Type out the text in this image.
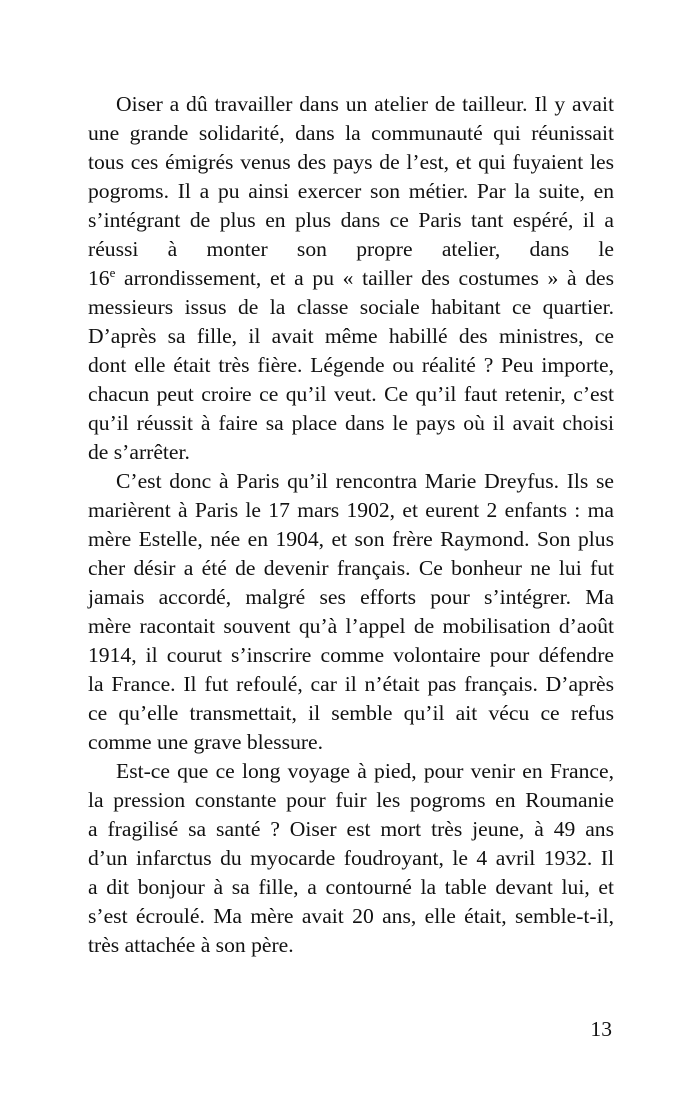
Oiser a dû travailler dans un atelier de tailleur. Il y avait
une grande solidarité, dans la communauté qui réunissait
tous ces émigrés venus des pays de l’est, et qui fuyaient les
pogroms. Il a pu ainsi exercer son métier. Par la suite, en
s’intégrant de plus en plus dans ce Paris tant espéré, il a
réussi à monter son propre atelier, dans le
16e arrondissement, et a pu « tailler des costumes » à des
messieurs issus de la classe sociale habitant ce quartier.
D’après sa fille, il avait même habillé des ministres, ce
dont elle était très fière. Légende ou réalité ? Peu importe,
chacun peut croire ce qu’il veut. Ce qu’il faut retenir, c’est
qu’il réussit à faire sa place dans le pays où il avait choisi
de s’arrêter.

C’est donc à Paris qu’il rencontra Marie Dreyfus. Ils se
marièrent à Paris le 17 mars 1902, et eurent 2 enfants : ma
mère Estelle, née en 1904, et son frère Raymond. Son plus
cher désir a été de devenir français. Ce bonheur ne lui fut
jamais accordé, malgré ses efforts pour s’intégrer. Ma
mère racontait souvent qu’à l’appel de mobilisation d’août
1914, il courut s’inscrire comme volontaire pour défendre
la France. Il fut refoulé, car il n’était pas français. D’après
ce qu’elle transmettait, il semble qu’il ait vécu ce refus
comme une grave blessure.

Est-ce que ce long voyage à pied, pour venir en France,
la pression constante pour fuir les pogroms en Roumanie
a fragilisé sa santé ? Oiser est mort très jeune, à 49 ans
d’un infarctus du myocarde foudroyant, le 4 avril 1932. Il
a dit bonjour à sa fille, a contourné la table devant lui, et
s’est écroulé. Ma mère avait 20 ans, elle était, semble-t-il,
très attachée à son père.

13
